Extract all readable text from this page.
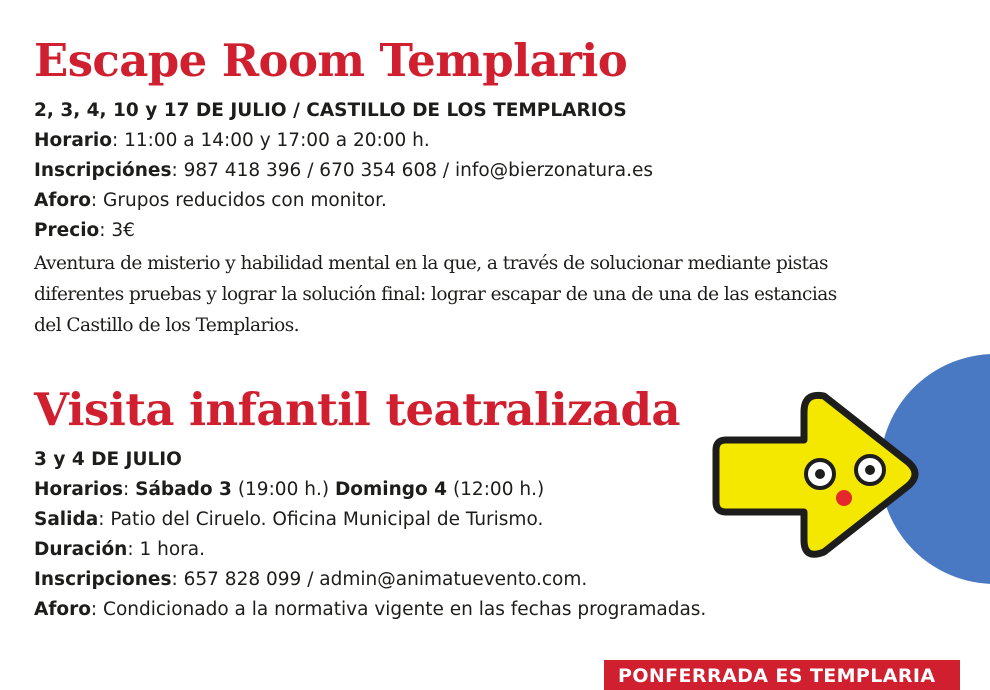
Escape Room Templario
2, 3, 4, 10 y 17 DE JULIO / CASTILLO DE LOS TEMPLARIOS
Horario: 11:00 a 14:00 y 17:00 a 20:00 h.
Inscripciónes: 987 418 396 / 670 354 608 / info@bierzonatura.es
Aforo: Grupos reducidos con monitor.
Precio: 3€
Aventura de misterio y habilidad mental en la que, a través de solucionar mediante pistas
diferentes pruebas y lograr la solución final: lograr escapar de una de una de las estancias
del Castillo de los Templarios.
Visita infantil teatralizada
3 y 4 DE JULIO
Horarios: Sábado 3 (19:00 h.) Domingo 4 (12:00 h.)
Salida: Patio del Ciruelo. Oficina Municipal de Turismo.
Duración: 1 hora.
Inscripciones: 657 828 099 / admin@animatuevento.com.
Aforo: Condicionado a la normativa vigente en las fechas programadas.
PONFERRADA ES TEMPLARIA
